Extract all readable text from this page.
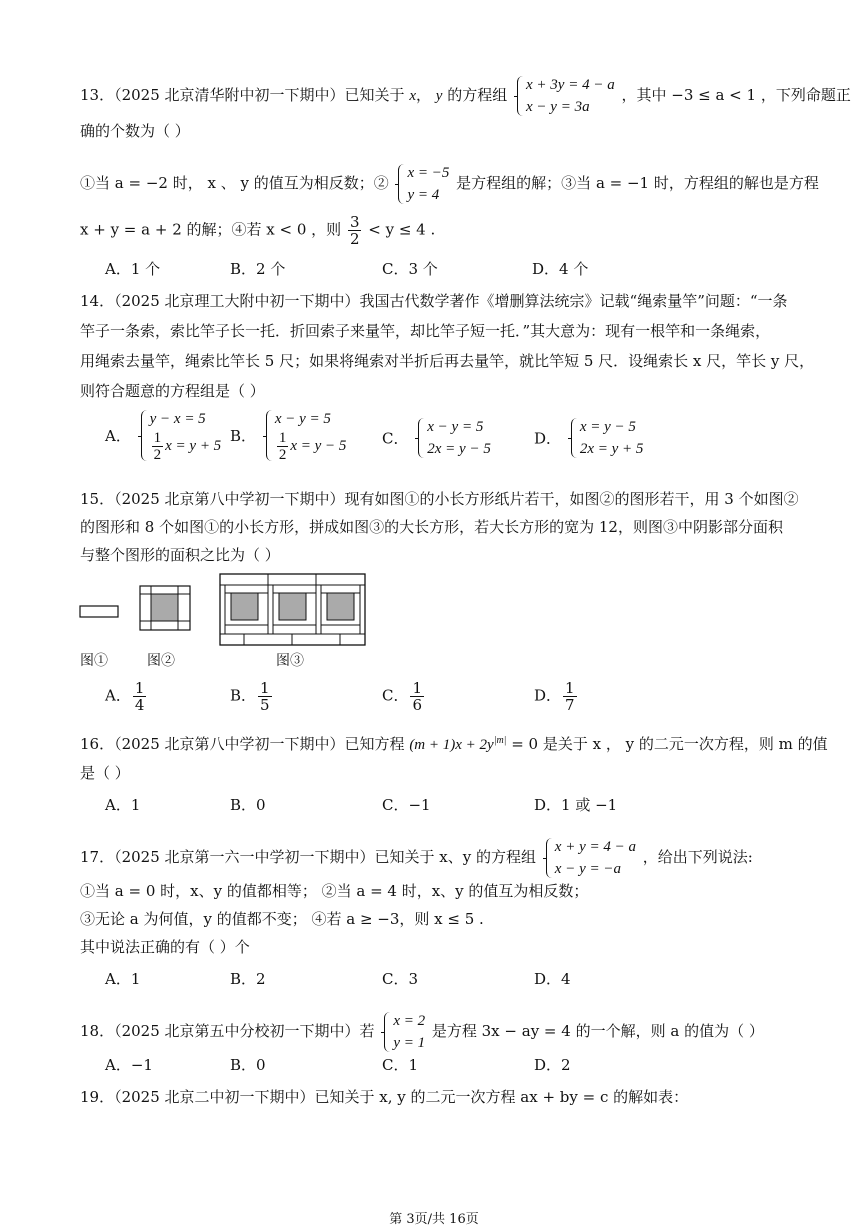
13．（2025 北京清华附中初一下期中）已知关于 x， y 的方程组
x + 3y = 4 − a
x − y = 3a
，其中 −3 ≤ a < 1 ，下列命题正
确的个数为（ ）
①当 a = −2 时， x 、 y 的值互为相反数；②
x = −5
y = 4
是方程组的解；③当 a = −1 时，方程组的解也是方程
x + y = a + 2 的解；④若 x < 0 ，则 $\frac{3}{2} < y \le 4$ .
A．1 个	B．2 个	C．3 个	D．4 个
14．（2025 北京理工大附中初一下期中）我国古代数学著作《增删算法统宗》记载“绳索量竿”问题：“一条
竿子一条索，索比竿子长一托．折回索子来量竿，却比竿子短一托．”其大意为：现有一根竿和一条绳索，
用绳索去量竿，绳索比竿长 5 尺；如果将绳索对半折后再去量竿，就比竿短 5 尺．设绳索长 x 尺，竿长 y 尺，
则符合题意的方程组是（ ）
A．
y − x = 5
$\frac{1}{2}$ x = y + 5
B．
x − y = 5
$\frac{1}{2}$ x = y − 5 C．
x − y = 5
2x = y − 5
D．
x = y − 5
2x = y + 5
15．（2025 北京第八中学初一下期中）现有如图①的小长方形纸片若干，如图②的图形若干，用 3 个如图②
的图形和 8 个如图①的小长方形，拼成如图③的大长方形，若大长方形的宽为 12，则图③中阴影部分面积
与整个图形的面积之比为（ ）
图①	图②	图③
A． $\frac{1}{4}$	B． $\frac{1}{5}$	C． $\frac{1}{6}$	D． $\frac{1}{7}$
16．（2025 北京第八中学初一下期中）已知方程 $(m + 1)x + 2y^{|m|} = 0$ 是关于 x ， y 的二元一次方程，则 m 的值
是（ ）
A．1	B．0	C．−1	D．1 或 −1
17．（2025 北京第一六一中学初一下期中）已知关于 x、y 的方程组
x + y = 4 − a
x − y = −a
，给出下列说法:
①当 a = 0 时，x、y 的值都相等； ②当 a = 4 时，x、y 的值互为相反数；
③无论 a 为何值，y 的值都不变； ④若 a ≥ −3，则 x ≤ 5 .
其中说法正确的有（ ）个
A．1	B．2	C．3	D．4
18．（2025 北京第五中分校初一下期中）若
x = 2
y = 1
是方程 3x − ay = 4 的一个解，则 a 的值为（ ）
A．−1	B．0	C．1	D．2
19．（2025 北京二中初一下期中）已知关于 x, y 的二元一次方程 ax + by = c 的解如表：
第 3页/共 16页
